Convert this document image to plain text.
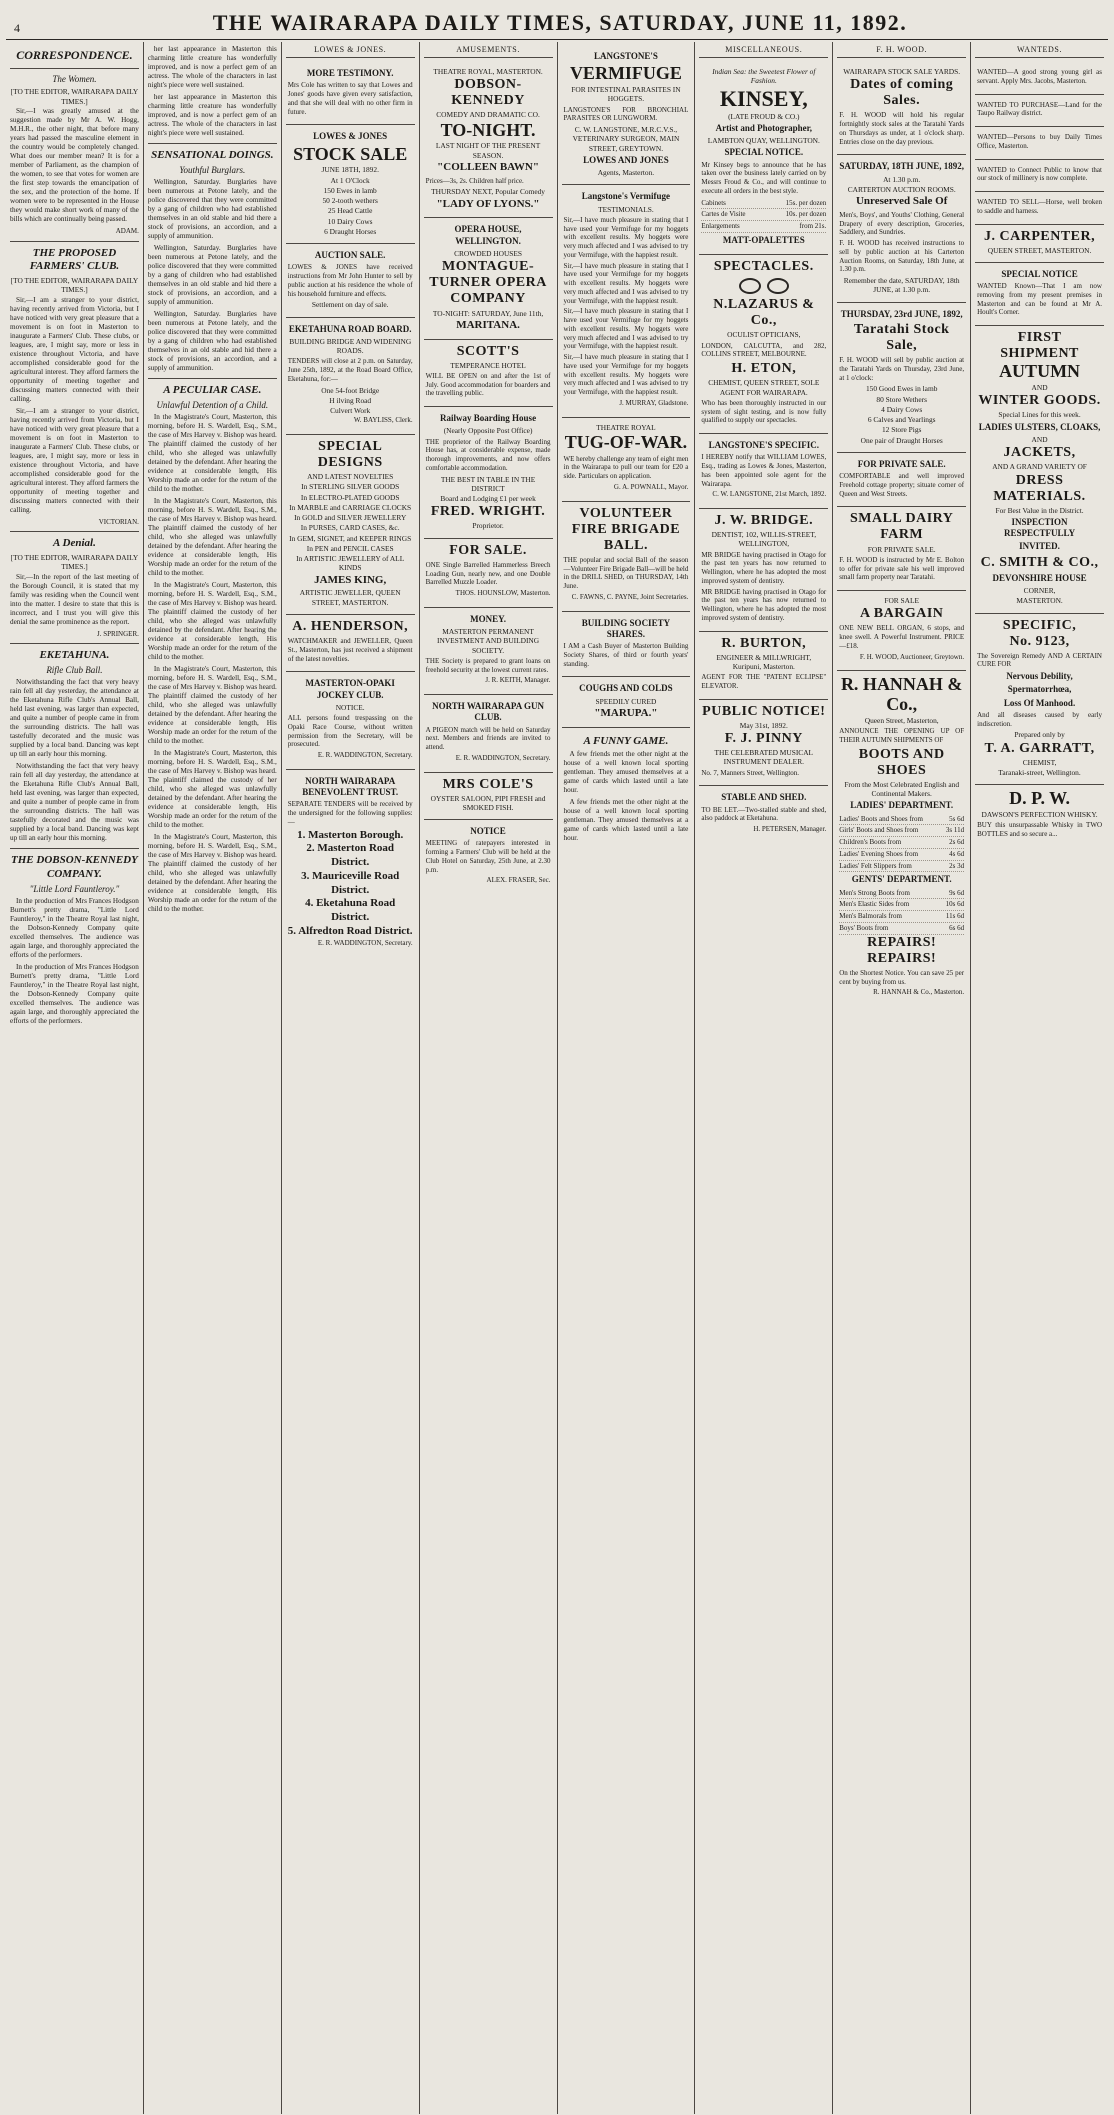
4	THE WAIRARAPA DAILY TIMES, SATURDAY, JUNE 11, 1892.
CORRESPONDENCE.
The Women.
[TO THE EDITOR, WAIRARAPA DAILY TIMES.]

Sir,—I was greatly amused at the suggestion made by Mr A. W. Hogg, M.H.R., the other night, that before many years had passed the masculine element in the country would be completely changed. What does our member mean? It is for a member of Parliament, as the champion of the women, to see that votes for women are the first step towards the emancipation of the sex, and the protection of the home. If women were to be represented in the House they would make short work of many of the bills which are continually being passed.

ADAM.
THE PROPOSED FARMERS' CLUB.
[TO THE EDITOR, WAIRARAPA DAILY TIMES.]

Sir,—I am a stranger to your district, having recently arrived from Victoria, but I have noticed with very great pleasure that a movement is on foot in Masterton to inaugurate a Farmers' Club. These clubs, or leagues, are, I might say, more or less in existence throughout Victoria, and have accomplished considerable good for the agricultural interest. They afford farmers the opportunity of meeting together and discussing matters connected with their calling.

Sir,—I am a stranger to your district, having recently arrived from Victoria, but I have noticed with very great pleasure that a movement is on foot in Masterton to inaugurate a Farmers' Club. These clubs, or leagues, are, I might say, more or less in existence throughout Victoria, and have accomplished considerable good for the agricultural interest. They afford farmers the opportunity of meeting together and discussing matters connected with their calling.

VICTORIAN.
A Denial.
[TO THE EDITOR, WAIRARAPA DAILY TIMES.]

Sir,—In the report of the last meeting of the Borough Council, it is stated that my family was residing when the Council went into the matter. I desire to state that this is incorrect, and I trust you will give this denial the same prominence as the report.

J. SPRINGER.
EKETAHUNA.
Rifle Club Ball.

Notwithstanding the fact that very heavy rain fell all day yesterday, the attendance at the Eketahuna Rifle Club's Annual Ball, held last evening, was larger than expected, and quite a number of people came in from the surrounding districts. The hall was tastefully decorated and the music was supplied by a local band. Dancing was kept up till an early hour this morning.

Notwithstanding the fact that very heavy rain fell all day yesterday, the attendance at the Eketahuna Rifle Club's Annual Ball, held last evening, was larger than expected, and quite a number of people came in from the surrounding districts. The hall was tastefully decorated and the music was supplied by a local band. Dancing was kept up till an early hour this morning.

THE DOBSON-KENNEDY COMPANY.
"Little Lord Fauntleroy."

In the production of Mrs Frances Hodgson Burnett's pretty drama, "Little Lord Fauntleroy," in the Theatre Royal last night, the Dobson-Kennedy Company quite excelled themselves. The audience was again large, and thoroughly appreciated the efforts of the performers.

In the production of Mrs Frances Hodgson Burnett's pretty drama, "Little Lord Fauntleroy," in the Theatre Royal last night, the Dobson-Kennedy Company quite excelled themselves. The audience was again large, and thoroughly appreciated the efforts of the performers.

her last appearance in Masterton this charming little creature has wonderfully improved, and is now a perfect gem of an actress. The whole of the characters in last night's piece were well sustained.

her last appearance in Masterton this charming little creature has wonderfully improved, and is now a perfect gem of an actress. The whole of the characters in last night's piece were well sustained.

SENSATIONAL DOINGS.
Youthful Burglars.

Wellington, Saturday. Burglaries have been numerous at Petone lately, and the police discovered that they were committed by a gang of children who had established themselves in an old stable and hid there a stock of provisions, an accordion, and a supply of ammunition.

Wellington, Saturday. Burglaries have been numerous at Petone lately, and the police discovered that they were committed by a gang of children who had established themselves in an old stable and hid there a stock of provisions, an accordion, and a supply of ammunition.

Wellington, Saturday. Burglaries have been numerous at Petone lately, and the police discovered that they were committed by a gang of children who had established themselves in an old stable and hid there a stock of provisions, an accordion, and a supply of ammunition.

A PECULIAR CASE.
Unlawful Detention of a Child.

In the Magistrate's Court, Masterton, this morning, before H. S. Wardell, Esq., S.M., the case of Mrs Harvey v. Bishop was heard. The plaintiff claimed the custody of her child, who she alleged was unlawfully detained by the defendant. After hearing the evidence at considerable length, His Worship made an order for the return of the child to the mother.

In the Magistrate's Court, Masterton, this morning, before H. S. Wardell, Esq., S.M., the case of Mrs Harvey v. Bishop was heard. The plaintiff claimed the custody of her child, who she alleged was unlawfully detained by the defendant. After hearing the evidence at considerable length, His Worship made an order for the return of the child to the mother.

In the Magistrate's Court, Masterton, this morning, before H. S. Wardell, Esq., S.M., the case of Mrs Harvey v. Bishop was heard. The plaintiff claimed the custody of her child, who she alleged was unlawfully detained by the defendant. After hearing the evidence at considerable length, His Worship made an order for the return of the child to the mother.

In the Magistrate's Court, Masterton, this morning, before H. S. Wardell, Esq., S.M., the case of Mrs Harvey v. Bishop was heard. The plaintiff claimed the custody of her child, who she alleged was unlawfully detained by the defendant. After hearing the evidence at considerable length, His Worship made an order for the return of the child to the mother.

In the Magistrate's Court, Masterton, this morning, before H. S. Wardell, Esq., S.M., the case of Mrs Harvey v. Bishop was heard. The plaintiff claimed the custody of her child, who she alleged was unlawfully detained by the defendant. After hearing the evidence at considerable length, His Worship made an order for the return of the child to the mother.

In the Magistrate's Court, Masterton, this morning, before H. S. Wardell, Esq., S.M., the case of Mrs Harvey v. Bishop was heard. The plaintiff claimed the custody of her child, who she alleged was unlawfully detained by the defendant. After hearing the evidence at considerable length, His Worship made an order for the return of the child to the mother.

LOWES & JONES.
MORE TESTIMONY.
Mrs Cole has written to say that Lowes and Jones' goods have given every satisfaction, and that she will deal with no other firm in future.
LOWES & JONES
STOCK SALE
JUNE 18TH, 1892.
At 1 O'Clock
150 Ewes in lamb
50 2-tooth wethers
25 Head Cattle
10 Dairy Cows
6 Draught Horses
AUCTION SALE.
LOWES & JONES have received instructions from Mr John Hunter to sell by public auction at his residence the whole of his household furniture and effects.
Settlement on day of sale.
EKETAHUNA ROAD BOARD.
BUILDING BRIDGE AND WIDENING ROADS.
TENDERS will close at 2 p.m. on Saturday, June 25th, 1892, at the Road Board Office, Eketahuna, for:—
One 54-foot Bridge
H ilving Road
Culvert Work
W. BAYLISS, Clerk.
SPECIAL DESIGNS
AND LATEST NOVELTIES
In STERLING SILVER GOODS
In ELECTRO-PLATED GOODS
In MARBLE and CARRIAGE CLOCKS
In GOLD and SILVER JEWELLERY
In PURSES, CARD CASES, &c.
In GEM, SIGNET, and KEEPER RINGS
In PEN and PENCIL CASES
In ARTISTIC JEWELLERY of ALL KINDS
JAMES KING,
ARTISTIC JEWELLER, QUEEN STREET, MASTERTON.
A. HENDERSON,
WATCHMAKER and JEWELLER, Queen St., Masterton, has just received a shipment of the latest novelties.
MASTERTON-OPAKI JOCKEY CLUB.
NOTICE.
ALL persons found trespassing on the Opaki Race Course, without written permission from the Secretary, will be prosecuted.
E. R. WADDINGTON, Secretary.
NORTH WAIRARAPA BENEVOLENT TRUST.
SEPARATE TENDERS will be received by the undersigned for the following supplies:—
1. Masterton Borough.
2. Masterton Road District.
3. Mauriceville Road District.
4. Eketahuna Road District.
5. Alfredton Road District.
E. R. WADDINGTON, Secretary.
AMUSEMENTS.
THEATRE ROYAL, MASTERTON.
DOBSON-KENNEDY
COMEDY AND DRAMATIC CO.
TO-NIGHT.
LAST NIGHT OF THE PRESENT SEASON.
"COLLEEN BAWN"
Prices—3s, 2s. Children half price.
THURSDAY NEXT, Popular Comedy
"LADY OF LYONS."
OPERA HOUSE, WELLINGTON.
CROWDED HOUSES
MONTAGUE-TURNER OPERA COMPANY
TO-NIGHT: SATURDAY, June 11th,
MARITANA.
SCOTT'S
TEMPERANCE HOTEL
WILL BE OPEN on and after the 1st of July. Good accommodation for boarders and the travelling public.
Railway Boarding House
(Nearly Opposite Post Office)
THE proprietor of the Railway Boarding House has, at considerable expense, made thorough improvements, and now offers comfortable accommodation.
THE BEST IN TABLE IN THE DISTRICT
Board and Lodging £1 per week
FRED. WRIGHT.
Proprietor.
FOR SALE.
ONE Single Barrelled Hammerless Breech Loading Gun, nearly new, and one Double Barrelled Muzzle Loader.
THOS. HOUNSLOW, Masterton.
MONEY.
MASTERTON PERMANENT INVESTMENT AND BUILDING SOCIETY.
THE Society is prepared to grant loans on freehold security at the lowest current rates.
J. R. KEITH, Manager.
NORTH WAIRARAPA GUN CLUB.
A PIGEON match will be held on Saturday next. Members and friends are invited to attend.
E. R. WADDINGTON, Secretary.
MRS COLE'S
OYSTER SALOON, PIPI FRESH and SMOKED FISH.
NOTICE
MEETING of ratepayers interested in forming a Farmers' Club will be held at the Club Hotel on Saturday, 25th June, at 2.30 p.m.
ALEX. FRASER, Sec.
LANGSTONE'S
VERMIFUGE
FOR INTESTINAL PARASITES IN HOGGETS.
LANGSTONE'S FOR BRONCHIAL PARASITES OR LUNGWORM.
C. W. LANGSTONE, M.R.C.V.S., VETERINARY SURGEON, MAIN STREET, GREYTOWN.
LOWES AND JONES
Agents, Masterton.
Langstone's Vermifuge
TESTIMONIALS.
Sir,—I have much pleasure in stating that I have used your Vermifuge for my hoggets with excellent results. My hoggets were very much affected and I was advised to try your Vermifuge, with the happiest result.
Sir,—I have much pleasure in stating that I have used your Vermifuge for my hoggets with excellent results. My hoggets were very much affected and I was advised to try your Vermifuge, with the happiest result.
Sir,—I have much pleasure in stating that I have used your Vermifuge for my hoggets with excellent results. My hoggets were very much affected and I was advised to try your Vermifuge, with the happiest result.
Sir,—I have much pleasure in stating that I have used your Vermifuge for my hoggets with excellent results. My hoggets were very much affected and I was advised to try your Vermifuge, with the happiest result.
J. MURRAY, Gladstone.
THEATRE ROYAL
TUG-OF-WAR.
WE hereby challenge any team of eight men in the Wairarapa to pull our team for £20 a side. Particulars on application.
G. A. POWNALL, Mayor.
VOLUNTEER FIRE BRIGADE BALL.
THE popular and social Ball of the season—Volunteer Fire Brigade Ball—will be held in the DRILL SHED, on THURSDAY, 14th June.
C. FAWNS, C. PAYNE, Joint Secretaries.
BUILDING SOCIETY SHARES.
I AM a Cash Buyer of Masterton Building Society Shares, of third or fourth years' standing.
COUGHS AND COLDS
SPEEDILY CURED
"MARUPA."
A FUNNY GAME.

A few friends met the other night at the house of a well known local sporting gentleman. They amused themselves at a game of cards which lasted until a late hour.

A few friends met the other night at the house of a well known local sporting gentleman. They amused themselves at a game of cards which lasted until a late hour.

MISCELLANEOUS.
Indian Sea: the Sweetest Flower of Fashion.
KINSEY,
(LATE FROUD & CO.)
Artist and Photographer,
LAMBTON QUAY, WELLINGTON.
SPECIAL NOTICE.
Mr Kinsey begs to announce that he has taken over the business lately carried on by Messrs Froud & Co., and will continue to execute all orders in the best style.
Cabinets	15s. per dozen
Cartes de Visite	10s. per dozen
Enlargements	from 21s.
MATT-OPALETTES
SPECTACLES.
N.LAZARUS & Co.,
OCULIST OPTICIANS,
LONDON, CALCUTTA, and 282, COLLINS STREET, MELBOURNE.
H. ETON,
CHEMIST, QUEEN STREET, SOLE AGENT FOR WAIRARAPA.
Who has been thoroughly instructed in our system of sight testing, and is now fully qualified to supply our spectacles.
LANGSTONE'S SPECIFIC.
I HEREBY notify that WILLIAM LOWES, Esq., trading as Lowes & Jones, Masterton, has been appointed sole agent for the Wairarapa.
C. W. LANGSTONE, 21st March, 1892.
J. W. BRIDGE.
DENTIST, 102, WILLIS-STREET, WELLINGTON,
MR BRIDGE having practised in Otago for the past ten years has now returned to Wellington, where he has adopted the most improved system of dentistry.
MR BRIDGE having practised in Otago for the past ten years has now returned to Wellington, where he has adopted the most improved system of dentistry.
R. BURTON,
ENGINEER & MILLWRIGHT, Kuripuni, Masterton.
AGENT FOR THE "PATENT ECLIPSE" ELEVATOR.
PUBLIC NOTICE!
May 31st, 1892.
F. J. PINNY
THE CELEBRATED MUSICAL INSTRUMENT DEALER.
No. 7, Manners Street, Wellington.
STABLE AND SHED.
TO BE LET.—Two-stalled stable and shed, also paddock at Eketahuna.
H. PETERSEN, Manager.
F. H. WOOD.
WAIRARAPA STOCK SALE YARDS.
Dates of coming Sales.
F. H. WOOD will hold his regular fortnightly stock sales at the Taratahi Yards on Thursdays as under, at 1 o'clock sharp. Entries close on the day previous.
SATURDAY, 18TH JUNE, 1892,
At 1.30 p.m.
CARTERTON AUCTION ROOMS.
Unreserved Sale Of
Men's, Boys', and Youths' Clothing, General Drapery of every description, Groceries, Saddlery, and Sundries.
F. H. WOOD has received instructions to sell by public auction at his Carterton Auction Rooms, on Saturday, 18th June, at 1.30 p.m.
Remember the date, SATURDAY, 18th JUNE, at 1.30 p.m.
THURSDAY, 23rd JUNE, 1892,
Taratahi Stock Sale,
F. H. WOOD will sell by public auction at the Taratahi Yards on Thursday, 23rd June, at 1 o'clock:
150 Good Ewes in lamb
80 Store Wethers
4 Dairy Cows
6 Calves and Yearlings
12 Store Pigs
One pair of Draught Horses
FOR PRIVATE SALE.
COMFORTABLE and well improved Freehold cottage property; situate corner of Queen and West Streets.
SMALL DAIRY FARM
FOR PRIVATE SALE.
F. H. WOOD is instructed by Mr E. Bolton to offer for private sale his well improved small farm property near Taratahi.
FOR SALE
A BARGAIN
ONE NEW BELL ORGAN, 6 stops, and knee swell. A Powerful Instrument. PRICE—£18.
F. H. WOOD, Auctioneer, Greytown.
R. HANNAH & Co.,
Queen Street, Masterton,
ANNOUNCE THE OPENING UP OF THEIR AUTUMN SHIPMENTS OF
BOOTS AND SHOES
From the Most Celebrated English and Continental Makers.
LADIES' DEPARTMENT.
Ladies' Boots and Shoes from	5s 6d
Girls' Boots and Shoes from	3s 11d
Children's Boots from	2s 6d
Ladies' Evening Shoes from	4s 6d
Ladies' Felt Slippers from	2s 3d
GENTS' DEPARTMENT.
Men's Strong Boots from	9s 6d
Men's Elastic Sides from	10s 6d
Men's Balmorals from	11s 6d
Boys' Boots from	6s 6d
REPAIRS! REPAIRS!
On the Shortest Notice. You can save 25 per cent by buying from us.
R. HANNAH & Co., Masterton.
WANTEDS.
WANTED—A good strong young girl as servant. Apply Mrs. Jacobs, Masterton.
WANTED TO PURCHASE—Land for the Taupo Railway district.
WANTED—Persons to buy Daily Times Office, Masterton.
WANTED to Connect Public to know that our stock of millinery is now complete.
WANTED TO SELL—Horse, well broken to saddle and harness.
J. CARPENTER,
QUEEN STREET, MASTERTON.
SPECIAL NOTICE
WANTED Known—That I am now removing from my present premises in Masterton and can be found at Mr A. Hoult's Corner.
FIRST SHIPMENT
AUTUMN
AND
WINTER GOODS.
Special Lines for this week.
LADIES ULSTERS, CLOAKS,
AND
JACKETS,
AND A GRAND VARIETY OF
DRESS MATERIALS.
For Best Value in the District.
INSPECTION RESPECTFULLY
INVITED.
C. SMITH & CO.,
DEVONSHIRE HOUSE
CORNER,
MASTERTON.
SPECIFIC,
No. 9123,
The Sovereign Remedy AND A CERTAIN CURE FOR
Nervous Debility,
Spermatorrhœa,
Loss Of Manhood.
And all diseases caused by early indiscretion.
Prepared only by
T. A. GARRATT,
CHEMIST,
Taranaki-street, Wellington.
D. P. W.
DAWSON'S PERFECTION WHISKY.
BUY this unsurpassable Whisky in TWO BOTTLES and so secure a...
